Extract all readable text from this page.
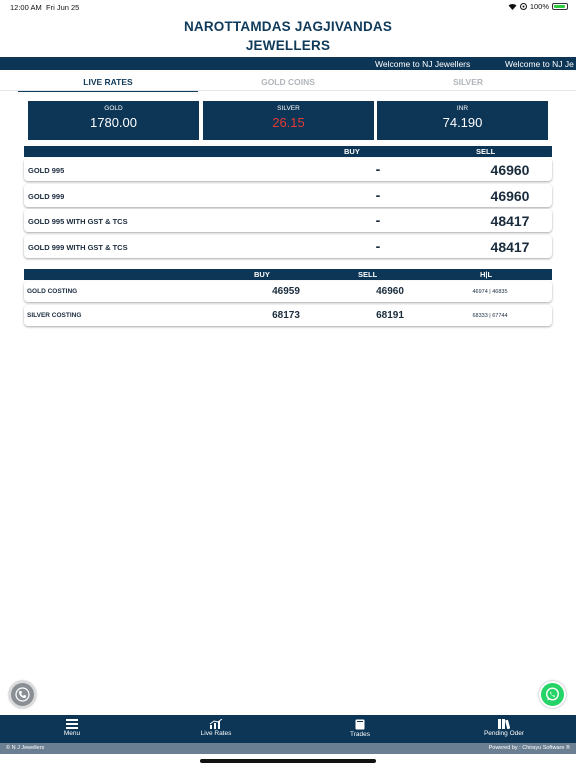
12:00 AM Fri Jun 25	100%
NAROTTAMDAS JAGJIVANDAS
JEWELLERS
Welcome to NJ Jewellers	Welcome to NJ Je
LIVE RATES	GOLD COINS	SILVER
GOLD
1780.00
SILVER
26.15
INR
74.190
BUY	SELL
GOLD 995	-	46960
GOLD 999	-	46960
GOLD 995 WITH GST & TCS	-	48417
GOLD 999 WITH GST & TCS	-	48417
BUY	SELL	H|L
GOLD COSTING	46959	46960	46974 | 46835
SILVER COSTING	68173	68191	68333 | 67744
Menu	Live Rates	Trades	Pending Oder
© N J Jewellers	Powered by : Chirayu Software ®
